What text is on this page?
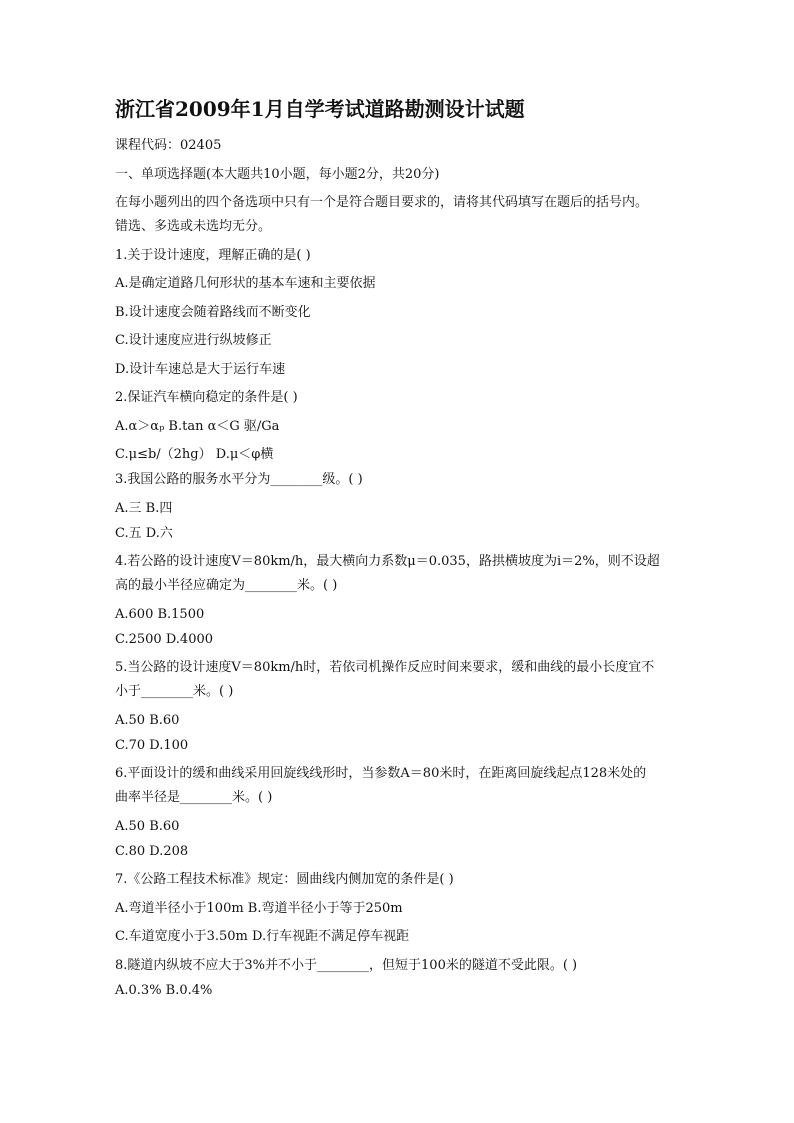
浙江省2009年1月自学考试道路勘测设计试题
课程代码：02405
一、单项选择题(本大题共10小题，每小题2分，共20分)
在每小题列出的四个备选项中只有一个是符合题目要求的，请将其代码填写在题后的括号内。
错选、多选或未选均无分。
1.关于设计速度，理解正确的是( )
A.是确定道路几何形状的基本车速和主要依据
B.设计速度会随着路线而不断变化
C.设计速度应进行纵坡修正
D.设计车速总是大于运行车速
2.保证汽车横向稳定的条件是( )
A.α＞αₚ B.tan α＜G 驱/Ga
C.μ≤b/（2hg） D.μ＜φ横
3.我国公路的服务水平分为________级。( )
A.三 B.四
C.五 D.六
4.若公路的设计速度V＝80km/h，最大横向力系数μ＝0.035，路拱横坡度为i＝2%，则不设超
高的最小半径应确定为________米。( )
A.600 B.1500
C.2500 D.4000
5.当公路的设计速度V＝80km/h时，若依司机操作反应时间来要求，缓和曲线的最小长度宜不
小于________米。( )
A.50 B.60
C.70 D.100
6.平面设计的缓和曲线采用回旋线线形时，当参数A＝80米时，在距离回旋线起点128米处的
曲率半径是________米。( )
A.50 B.60
C.80 D.208
7.《公路工程技术标准》规定：圆曲线内侧加宽的条件是( )
A.弯道半径小于100m B.弯道半径小于等于250m
C.车道宽度小于3.50m D.行车视距不满足停车视距
8.隧道内纵坡不应大于3%并不小于________，但短于100米的隧道不受此限。( )
A.0.3% B.0.4%
